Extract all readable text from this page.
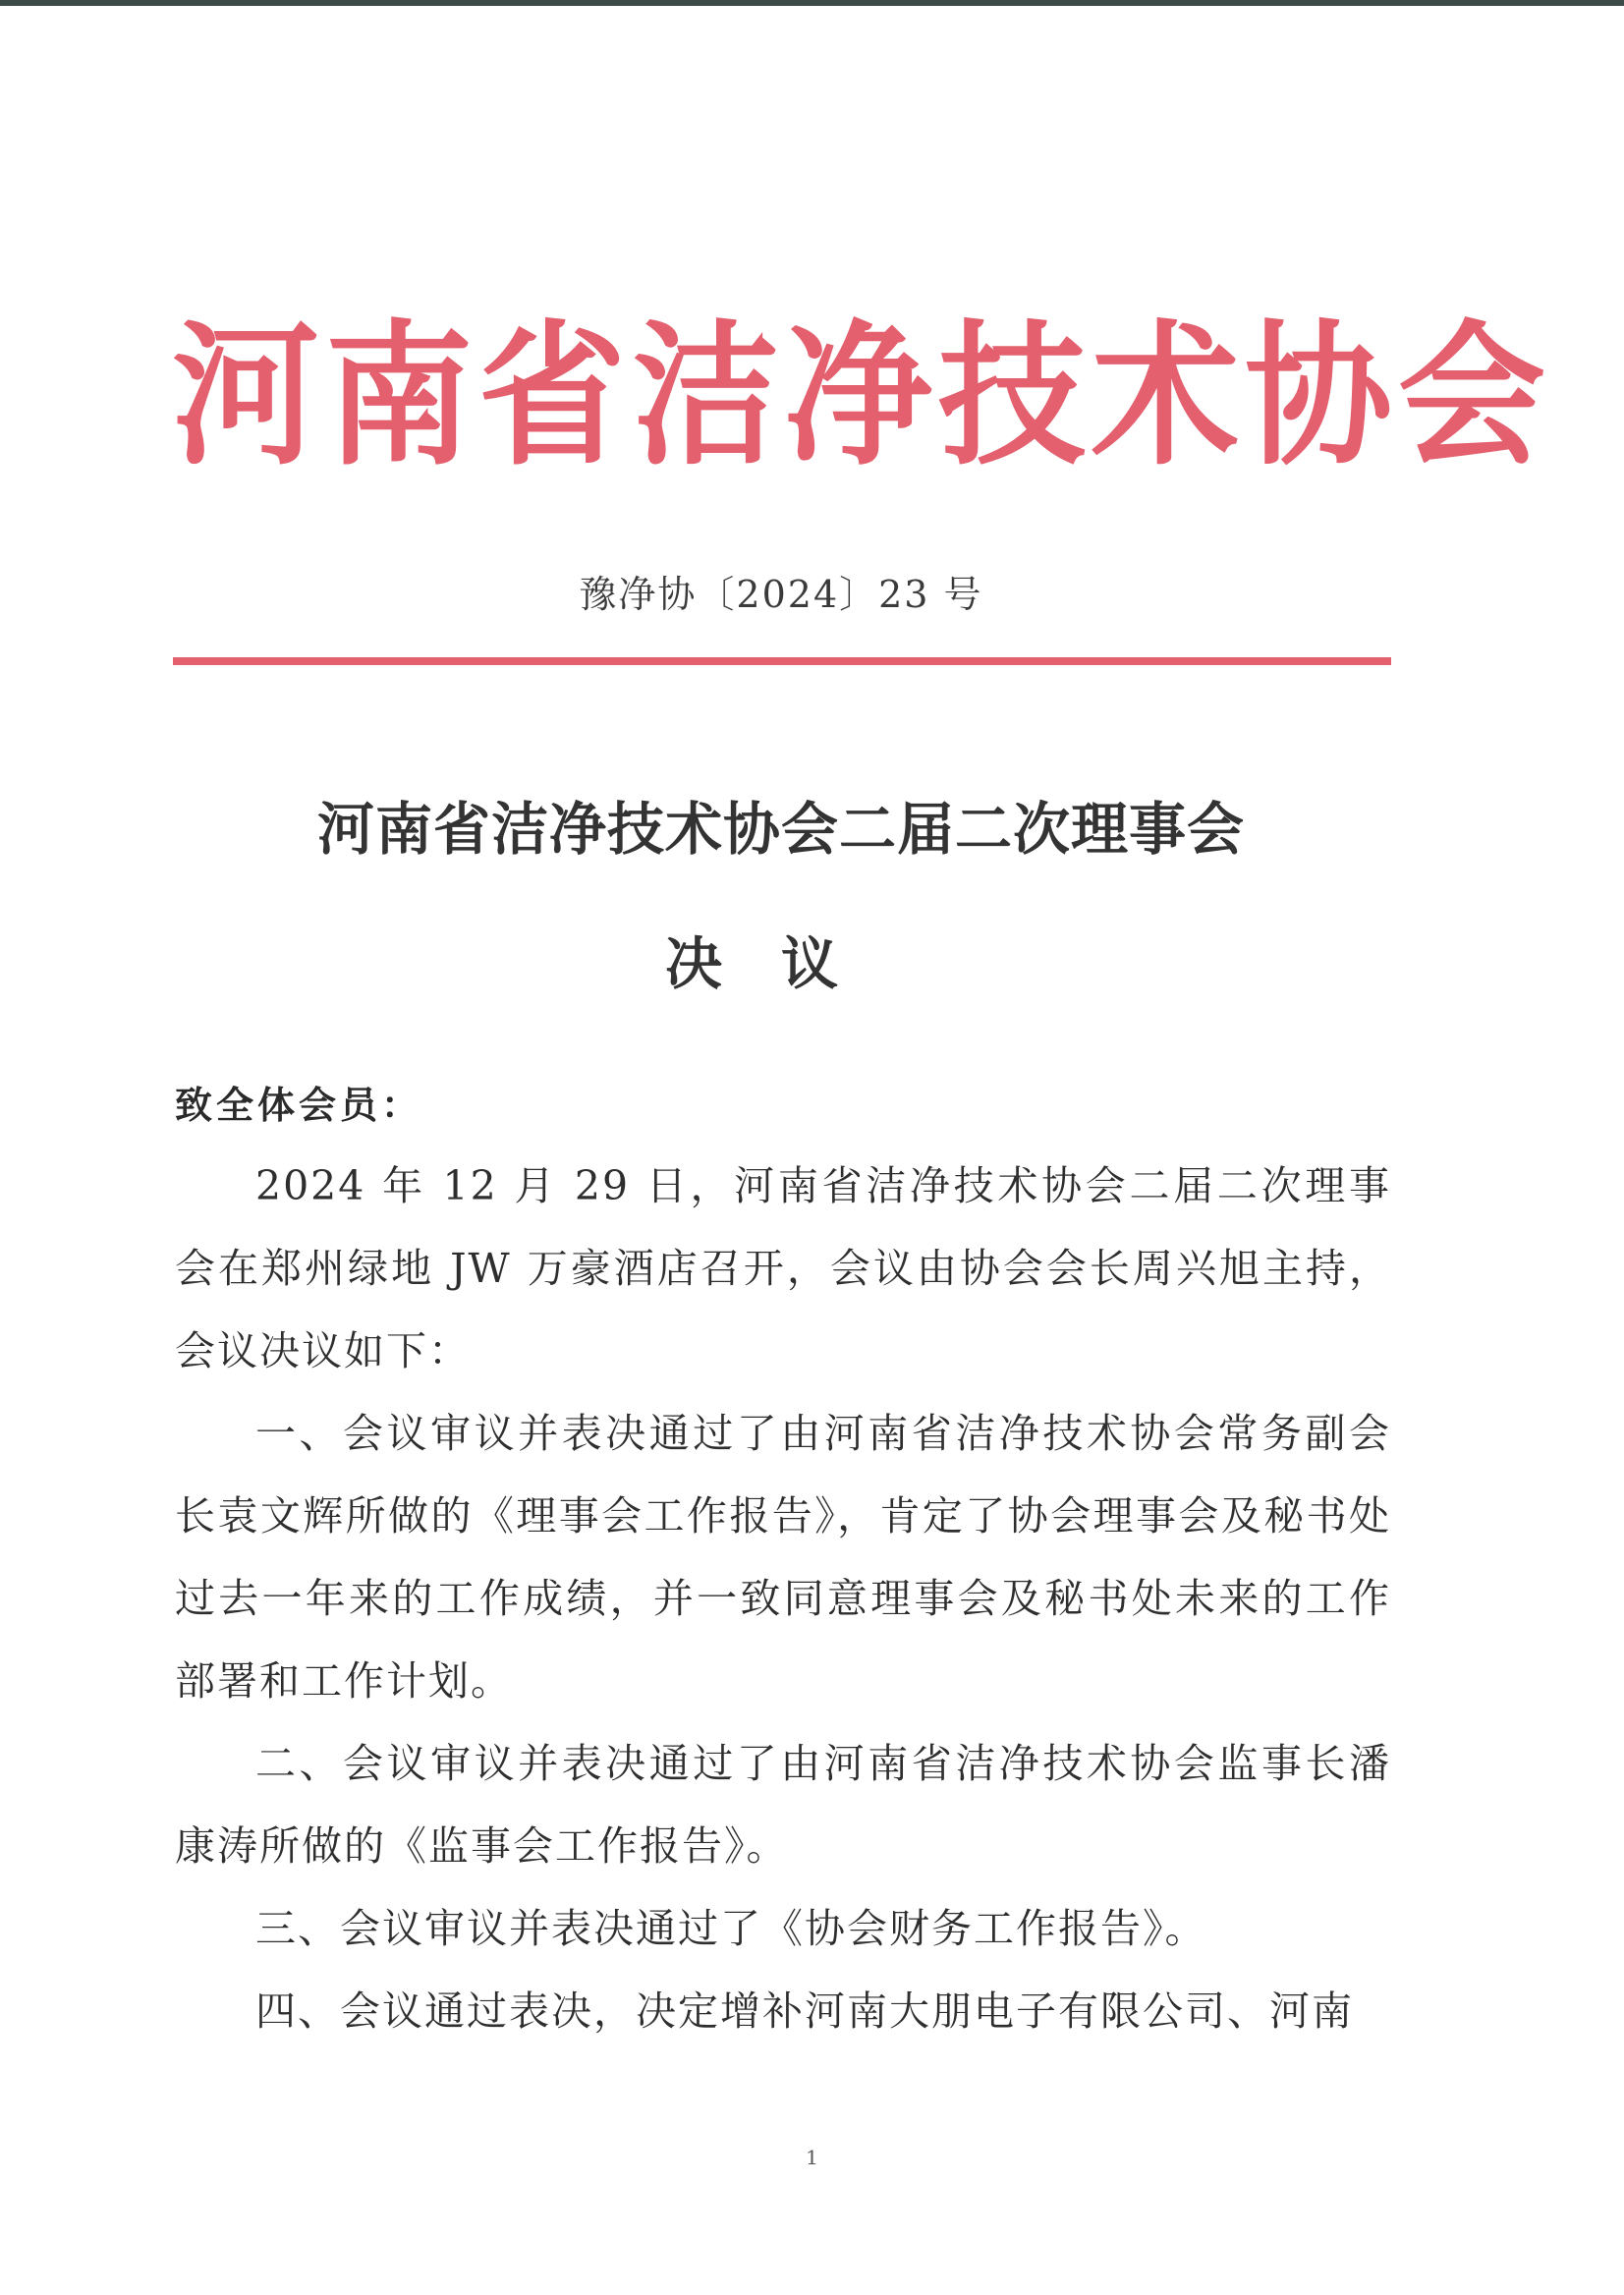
河南省洁净技术协会
豫净协〔2024〕23 号
河南省洁净技术协会二届二次理事会
决议
致全体会员：

2024 年 12 月 29 日，河南省洁净技术协会二届二次理事会在郑州绿地 JW 万豪酒店召开，会议由协会会长周兴旭主持，会议决议如下：

一、会议审议并表决通过了由河南省洁净技术协会常务副会长袁文辉所做的《理事会工作报告》，肯定了协会理事会及秘书处过去一年来的工作成绩，并一致同意理事会及秘书处未来的工作部署和工作计划。

二、会议审议并表决通过了由河南省洁净技术协会监事长潘康涛所做的《监事会工作报告》。

三、会议审议并表决通过了《协会财务工作报告》。

四、会议通过表决，决定增补河南大朋电子有限公司、河南

1
